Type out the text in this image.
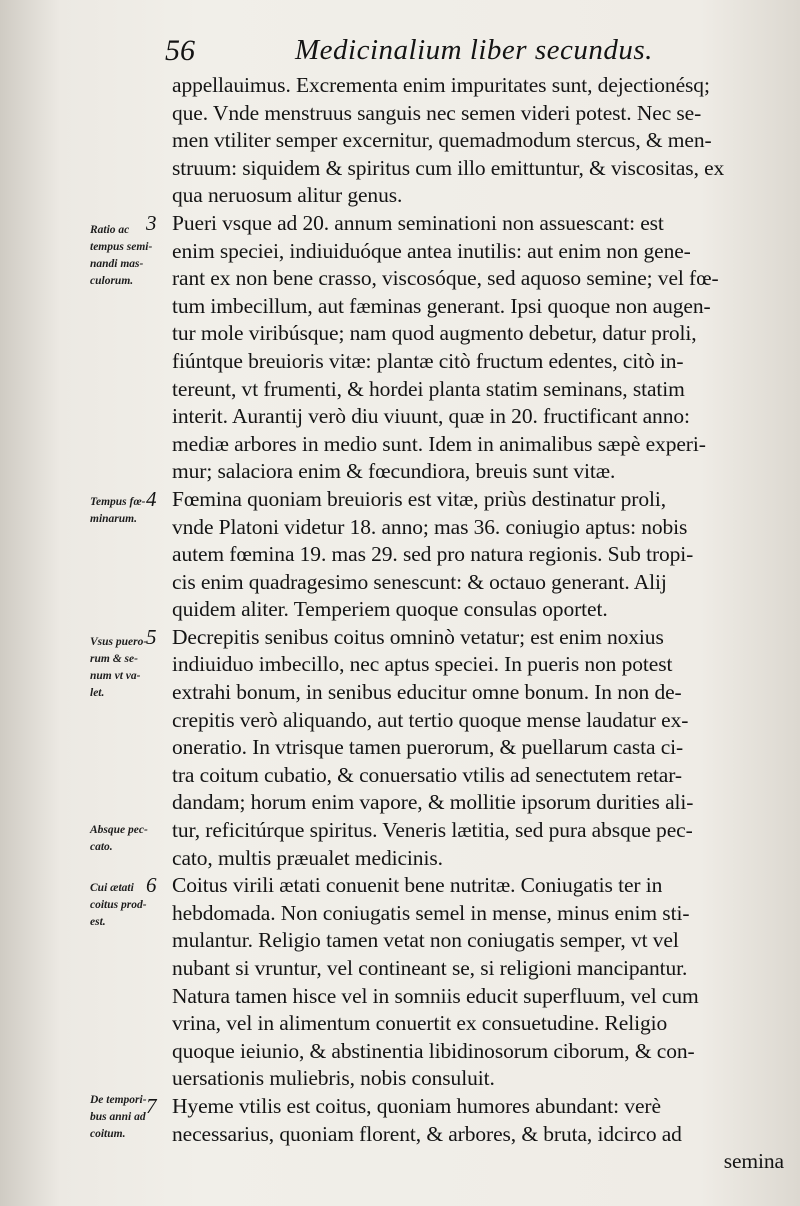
56	Medicinalium liber secundus.
appellauimus. Excrementa enim impuritates sunt, dejectionésq;
que. Vnde menstruus sanguis nec semen videri potest. Nec se-
men vtiliter semper excernitur, quemadmodum stercus, & men-
struum: siquidem & spiritus cum illo emittuntur, & viscositas, ex
qua neruosum alitur genus.
Pueri vsque ad 20. annum seminationi non assuescant: est
enim speciei, indiuiduóque antea inutilis: aut enim non gene-
rant ex non bene crasso, viscosóque, sed aquoso semine; vel fœ-
tum imbecillum, aut fæminas generant. Ipsi quoque non augen-
tur mole viribúsque; nam quod augmento debetur, datur proli,
fiúntque breuioris vitæ: plantæ citò fructum edentes, citò in-
tereunt, vt frumenti, & hordei planta statim seminans, statim
interit. Aurantij verò diu viuunt, quæ in 20. fructificant anno:
mediæ arbores in medio sunt. Idem in animalibus sæpè experi-
mur; salaciora enim & fœcundiora, breuis sunt vitæ.
Fœmina quoniam breuioris est vitæ, priùs destinatur proli,
vnde Platoni videtur 18. anno; mas 36. coniugio aptus: nobis
autem fœmina 19. mas 29. sed pro natura regionis. Sub tropi-
cis enim quadragesimo senescunt: & octauo generant. Alij
quidem aliter. Temperiem quoque consulas oportet.
Decrepitis senibus coitus omninò vetatur; est enim noxius
indiuiduo imbecillo, nec aptus speciei. In pueris non potest
extrahi bonum, in senibus educitur omne bonum. In non de-
crepitis verò aliquando, aut tertio quoque mense laudatur ex-
oneratio. In vtrisque tamen puerorum, & puellarum casta ci-
tra coitum cubatio, & conuersatio vtilis ad senectutem retar-
dandam; horum enim vapore, & mollitie ipsorum durities ali-
tur, reficitúrque spiritus. Veneris lætitia, sed pura absque pec-
cato, multis præualet medicinis.
Coitus virili ætati conuenit bene nutritæ. Coniugatis ter in
hebdomada. Non coniugatis semel in mense, minus enim sti-
mulantur. Religio tamen vetat non coniugatis semper, vt vel
nubant si vruntur, vel contineant se, si religioni mancipantur.
Natura tamen hisce vel in somniis educit superfluum, vel cum
vrina, vel in alimentum conuertit ex consuetudine. Religio
quoque ieiunio, & abstinentia libidinosorum ciborum, & con-
uersationis muliebris, nobis consuluit.
Hyeme vtilis est coitus, quoniam humores abundant: verè
necessarius, quoniam florent, & arbores, & bruta, idcirco ad
semina
3
4
5
6
7
Ratio ac
tempus semi-
nandi mas-
culorum.
Tempus fœ-
minarum.
Vsus puero-
rum & se-
num vt va-
let.
Absque pec-
cato.
Cui ætati
coitus prod-
est.
De tempori-
bus anni ad
coitum.
